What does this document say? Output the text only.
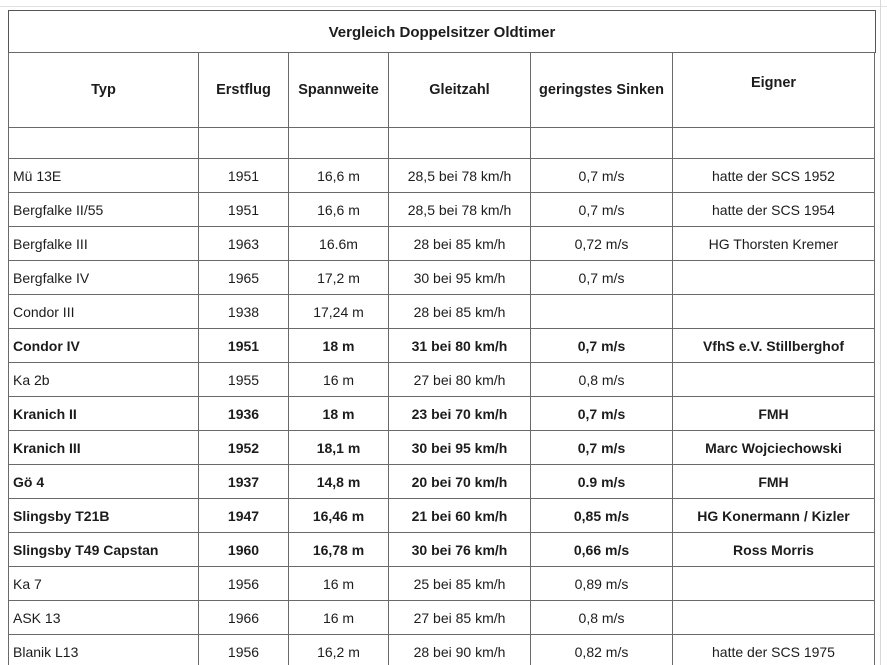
Vergleich Doppelsitzer Oldtimer
Typ	Erstflug	Spannweite	Gleitzahl	geringstes Sinken	Eigner

Mü 13E	1951	16,6 m	28,5 bei 78 km/h	0,7 m/s	hatte der SCS 1952
Bergfalke II/55	1951	16,6 m	28,5 bei 78 km/h	0,7 m/s	hatte der SCS 1954
Bergfalke III	1963	16.6m	28 bei 85 km/h	0,72 m/s	HG Thorsten Kremer
Bergfalke IV	1965	17,2 m	30 bei 95 km/h	0,7 m/s	
Condor III	1938	17,24 m	28 bei 85 km/h		
Condor IV	1951	18 m	31 bei 80 km/h	0,7 m/s	VfhS e.V. Stillberghof
Ka 2b	1955	16 m	27 bei 80 km/h	0,8 m/s	
Kranich II	1936	18 m	23 bei 70 km/h	0,7 m/s	FMH
Kranich III	1952	18,1 m	30 bei 95 km/h	0,7 m/s	Marc Wojciechowski
Gö 4	1937	14,8 m	20 bei 70 km/h	0.9 m/s	FMH
Slingsby T21B	1947	16,46 m	21 bei 60 km/h	0,85 m/s	HG Konermann / Kizler
Slingsby T49 Capstan	1960	16,78 m	30 bei 76 km/h	0,66 m/s	Ross Morris
Ka 7	1956	16 m	25 bei 85 km/h	0,89 m/s	
ASK 13	1966	16 m	27 bei 85 km/h	0,8 m/s	
Blanik L13	1956	16,2 m	28 bei 90 km/h	0,82 m/s	hatte der SCS 1975
